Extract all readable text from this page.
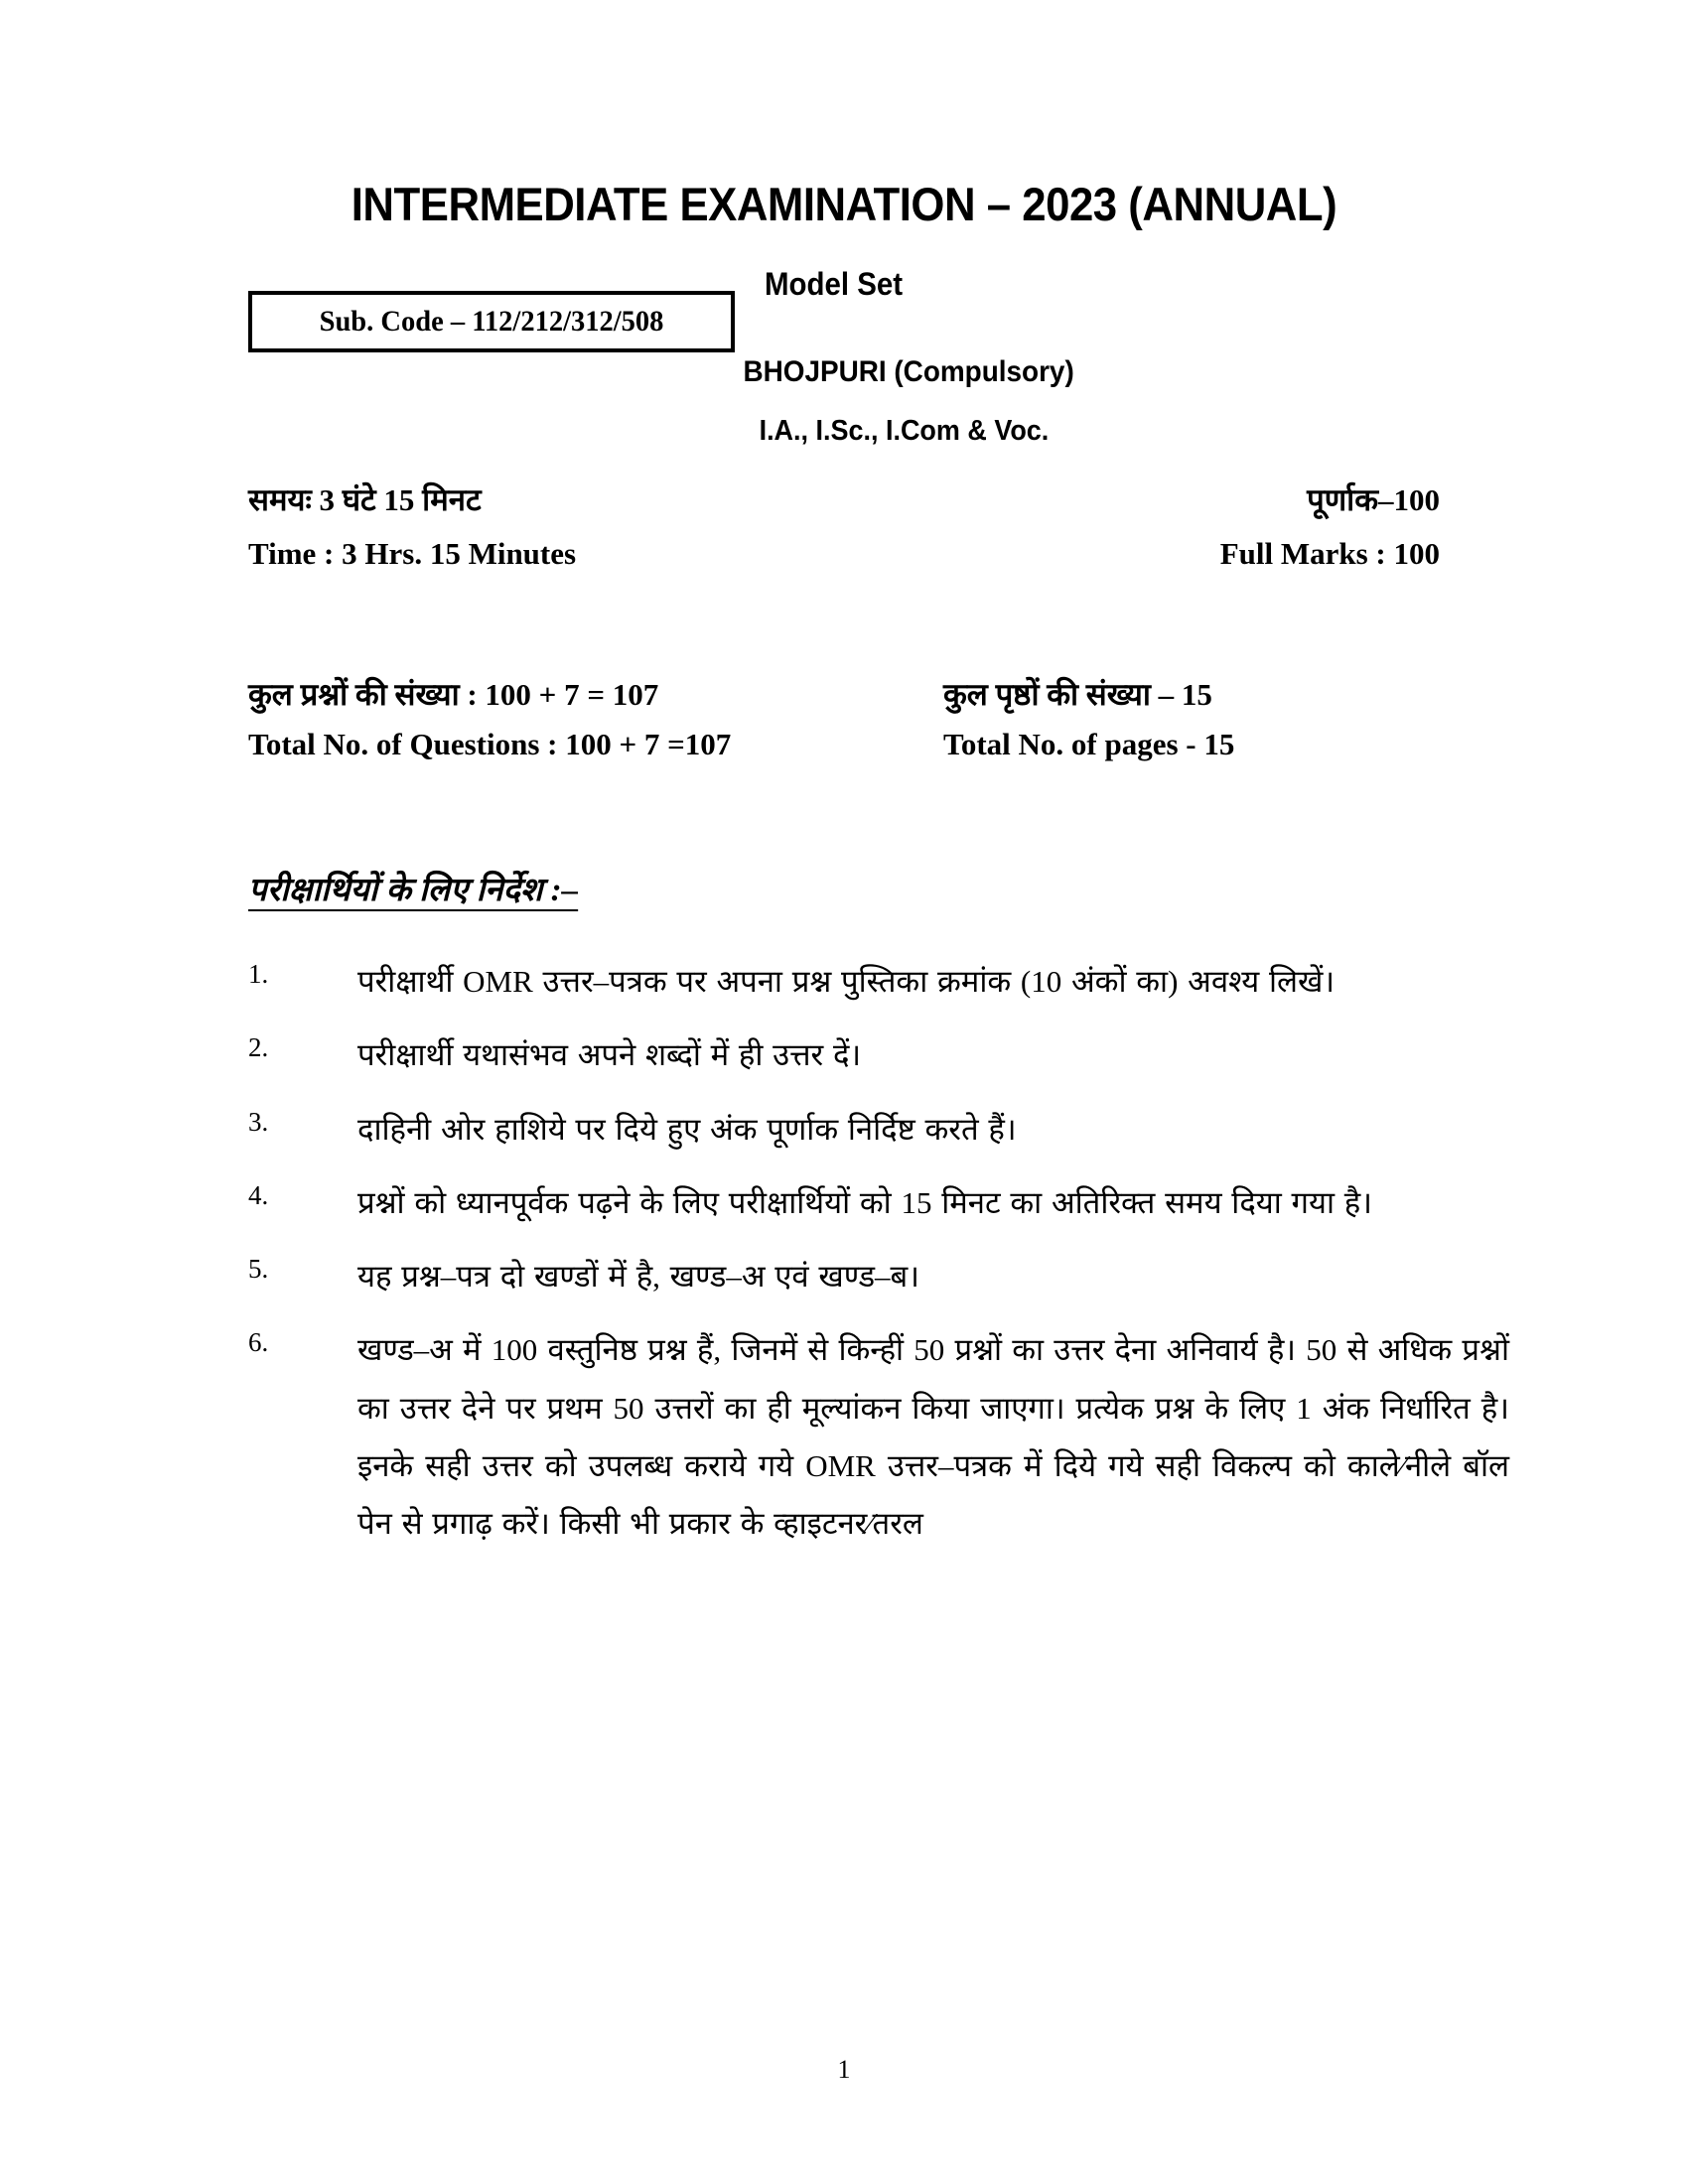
INTERMEDIATE EXAMINATION – 2023 (ANNUAL)
Model Set
Sub. Code – 112/212/312/508
BHOJPURI (Compulsory)
I.A., I.Sc., I.Com & Voc.
समयः 3 घंटे 15 मिनट	पूर्णाक–100
Time : 3 Hrs. 15 Minutes	Full Marks : 100
कुल प्रश्नों की संख्या : 100 + 7 = 107	कुल पृष्ठों की संख्या – 15
Total No. of Questions : 100 + 7 =107	Total No. of pages - 15
परीक्षार्थियों के लिए निर्देश :–
1.	परीक्षार्थी OMR उत्तर–पत्रक पर अपना प्रश्न पुस्तिका क्रमांक (10 अंकों का) अवश्य लिखें।
2.	परीक्षार्थी यथासंभव अपने शब्दों में ही उत्तर दें।
3.	दाहिनी ओर हाशिये पर दिये हुए अंक पूर्णाक निर्दिष्ट करते हैं।
4.	प्रश्नों को ध्यानपूर्वक पढ़ने के लिए परीक्षार्थियों को 15 मिनट का अतिरिक्त समय दिया गया है।
5.	यह प्रश्न–पत्र दो खण्डों में है, खण्ड–अ एवं खण्ड–ब।
6.	खण्ड–अ में 100 वस्तुनिष्ठ प्रश्न हैं, जिनमें से किन्हीं 50 प्रश्नों का उत्तर देना अनिवार्य है। 50 से अधिक प्रश्नों का उत्तर देने पर प्रथम 50 उत्तरों का ही मूल्यांकन किया जाएगा। प्रत्येक प्रश्न के लिए 1 अंक निर्धारित है। इनके सही उत्तर को उपलब्ध कराये गये OMR उत्तर–पत्रक में दिये गये सही विकल्प को काले⁄नीले बॉल पेन से प्रगाढ़ करें। किसी भी प्रकार के व्हाइटनर⁄तरल
1
